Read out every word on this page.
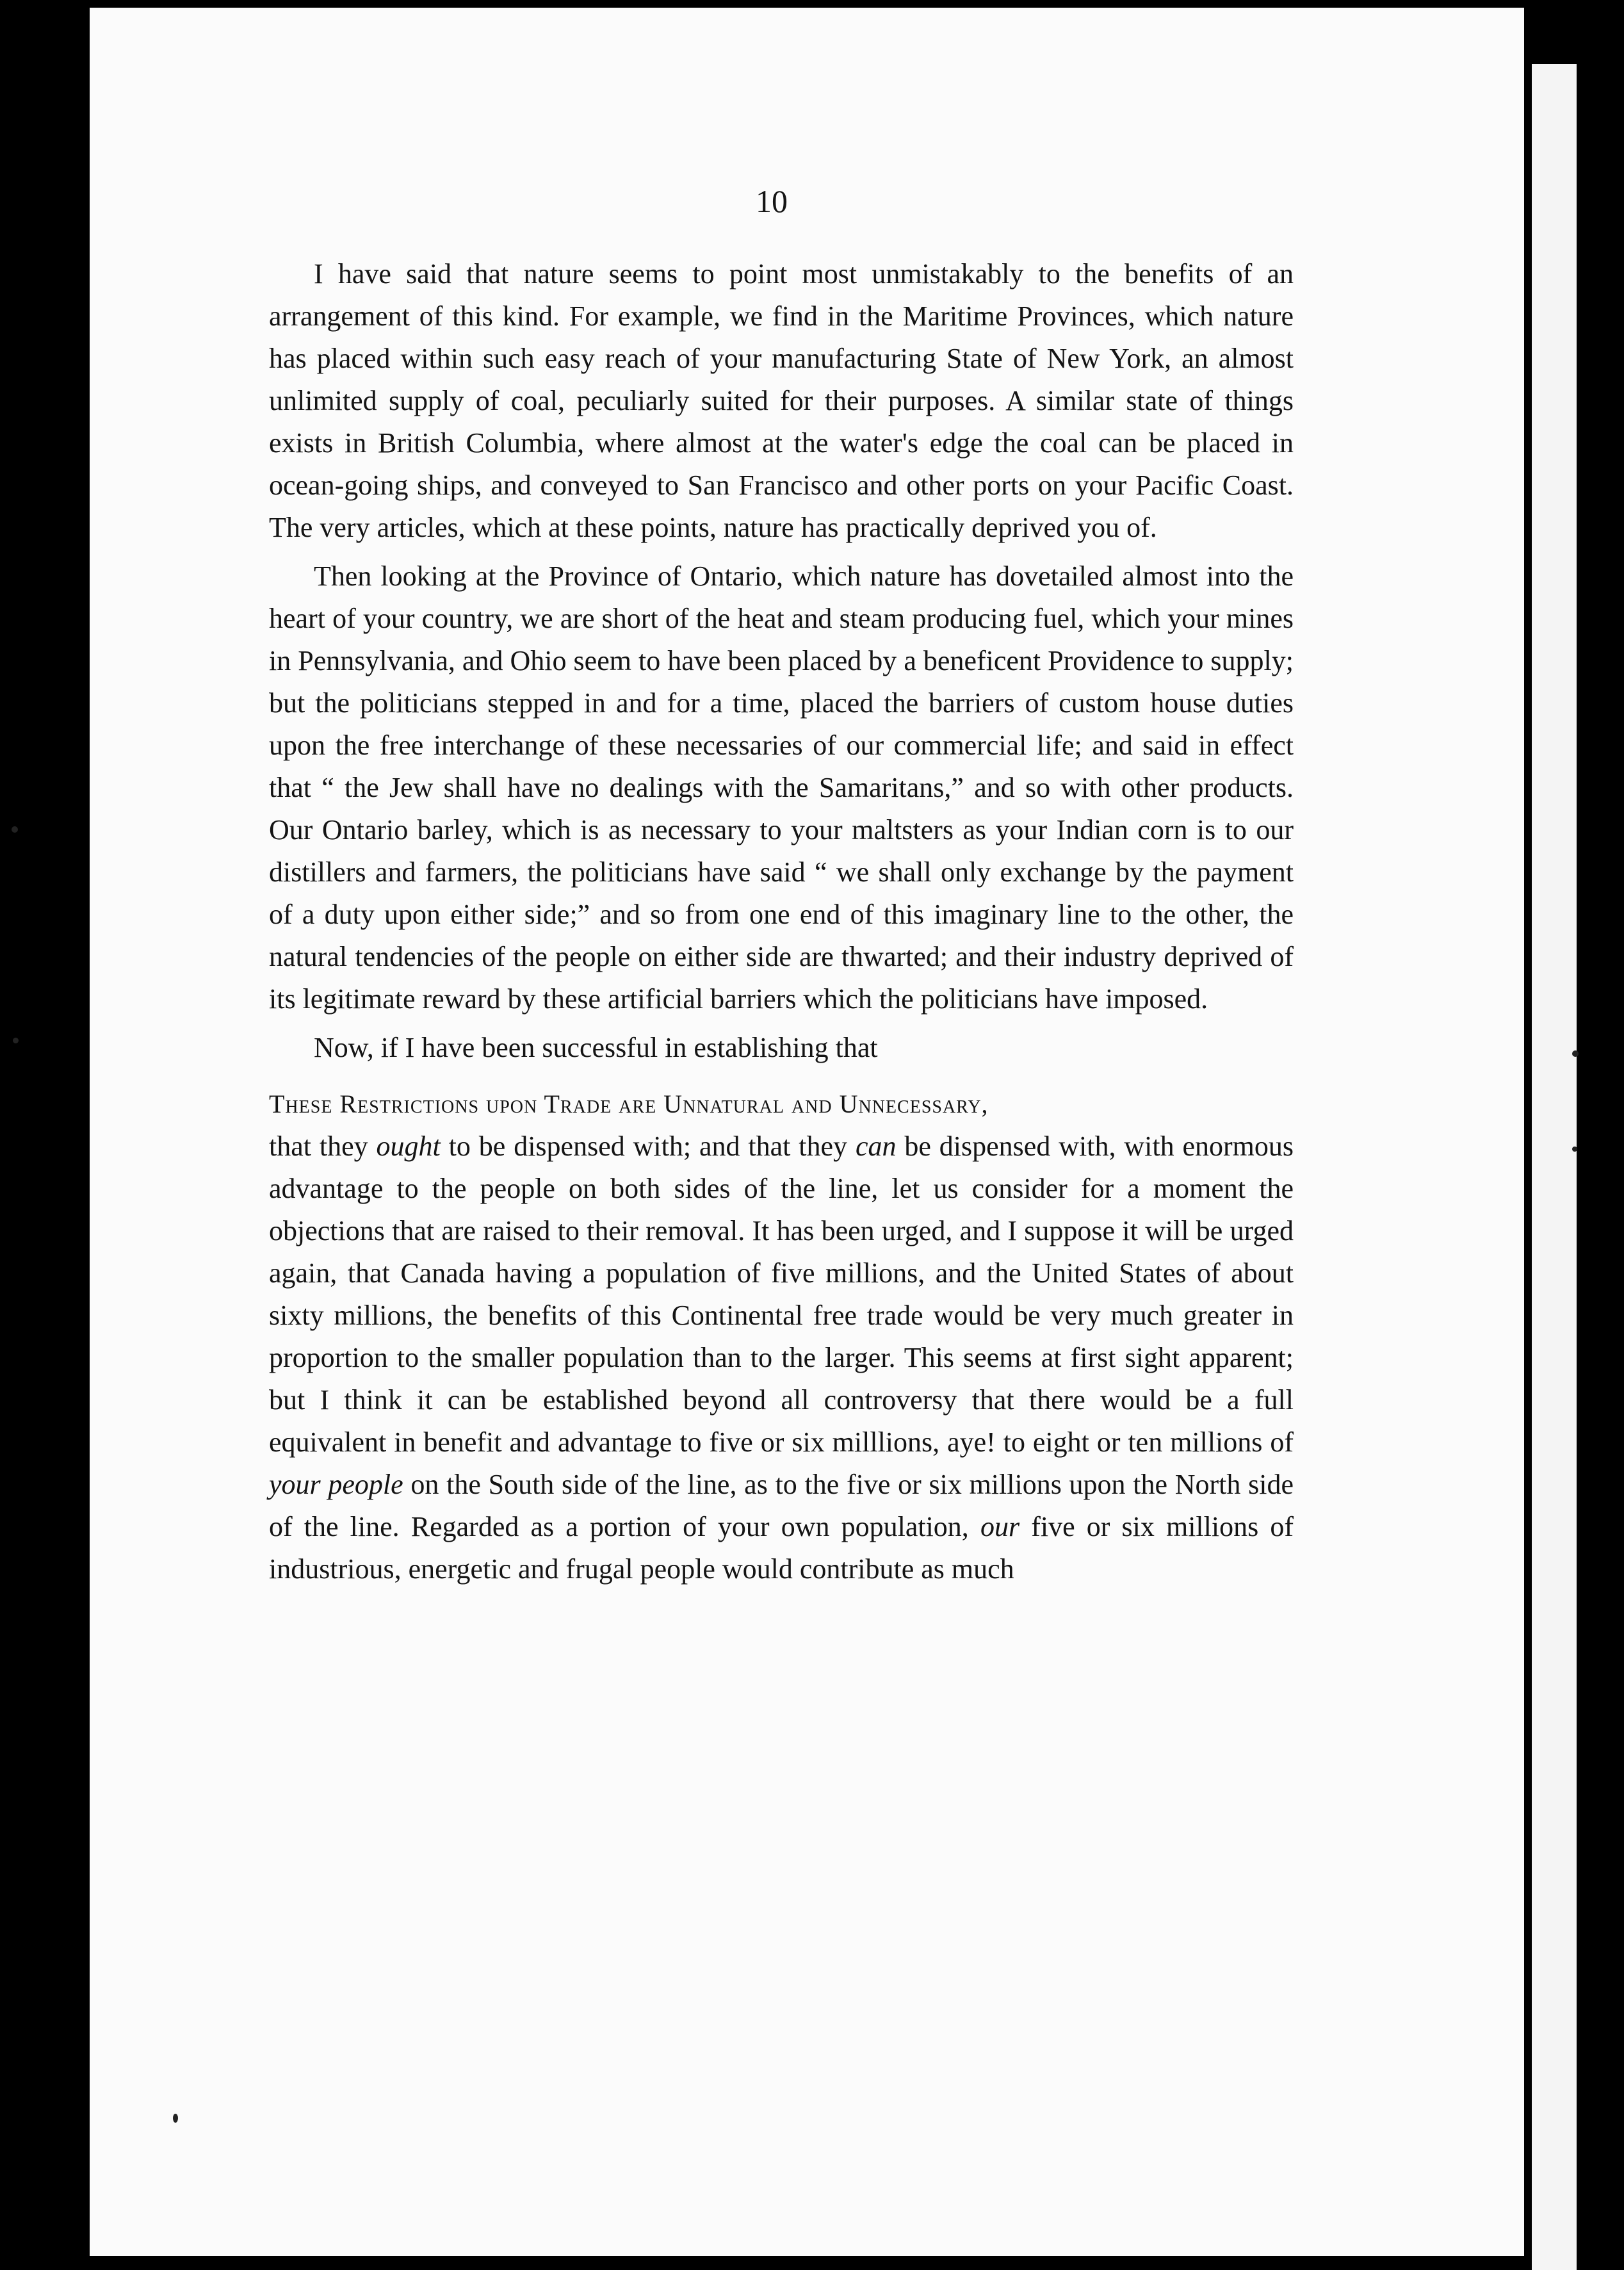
10

I have said that nature seems to point most unmistakably to the benefits of an arrangement of this kind. For example, we find in the Maritime Provinces, which nature has placed within such easy reach of your manufacturing State of New York, an almost unlimited supply of coal, peculiarly suited for their purposes. A similar state of things exists in British Columbia, where almost at the water's edge the coal can be placed in ocean-going ships, and conveyed to San Francisco and other ports on your Pacific Coast. The very articles, which at these points, nature has practically deprived you of.

Then looking at the Province of Ontario, which nature has dovetailed almost into the heart of your country, we are short of the heat and steam producing fuel, which your mines in Pennsylvania, and Ohio seem to have been placed by a beneficent Providence to supply; but the politicians stepped in and for a time, placed the barriers of custom house duties upon the free interchange of these necessaries of our commercial life; and said in effect that “ the Jew shall have no dealings with the Samaritans,” and so with other products. Our Ontario barley, which is as necessary to your maltsters as your Indian corn is to our distillers and farmers, the politicians have said “ we shall only exchange by the payment of a duty upon either side;” and so from one end of this imaginary line to the other, the natural tendencies of the people on either side are thwarted; and their industry deprived of its legitimate reward by these artificial barriers which the politicians have imposed.

Now, if I have been successful in establishing that

These Restrictions upon Trade are Unnatural and Unnecessary,

that they ought to be dispensed with; and that they can be dispensed with, with enormous advantage to the people on both sides of the line, let us consider for a moment the objections that are raised to their removal. It has been urged, and I suppose it will be urged again, that Canada having a population of five millions, and the United States of about sixty millions, the benefits of this Continental free trade would be very much greater in proportion to the smaller population than to the larger. This seems at first sight apparent; but I think it can be established beyond all controversy that there would be a full equivalent in benefit and advantage to five or six milllions, aye! to eight or ten millions of your people on the South side of the line, as to the five or six millions upon the North side of the line. Regarded as a portion of your own population, our five or six millions of industrious, energetic and frugal people would contribute as much
